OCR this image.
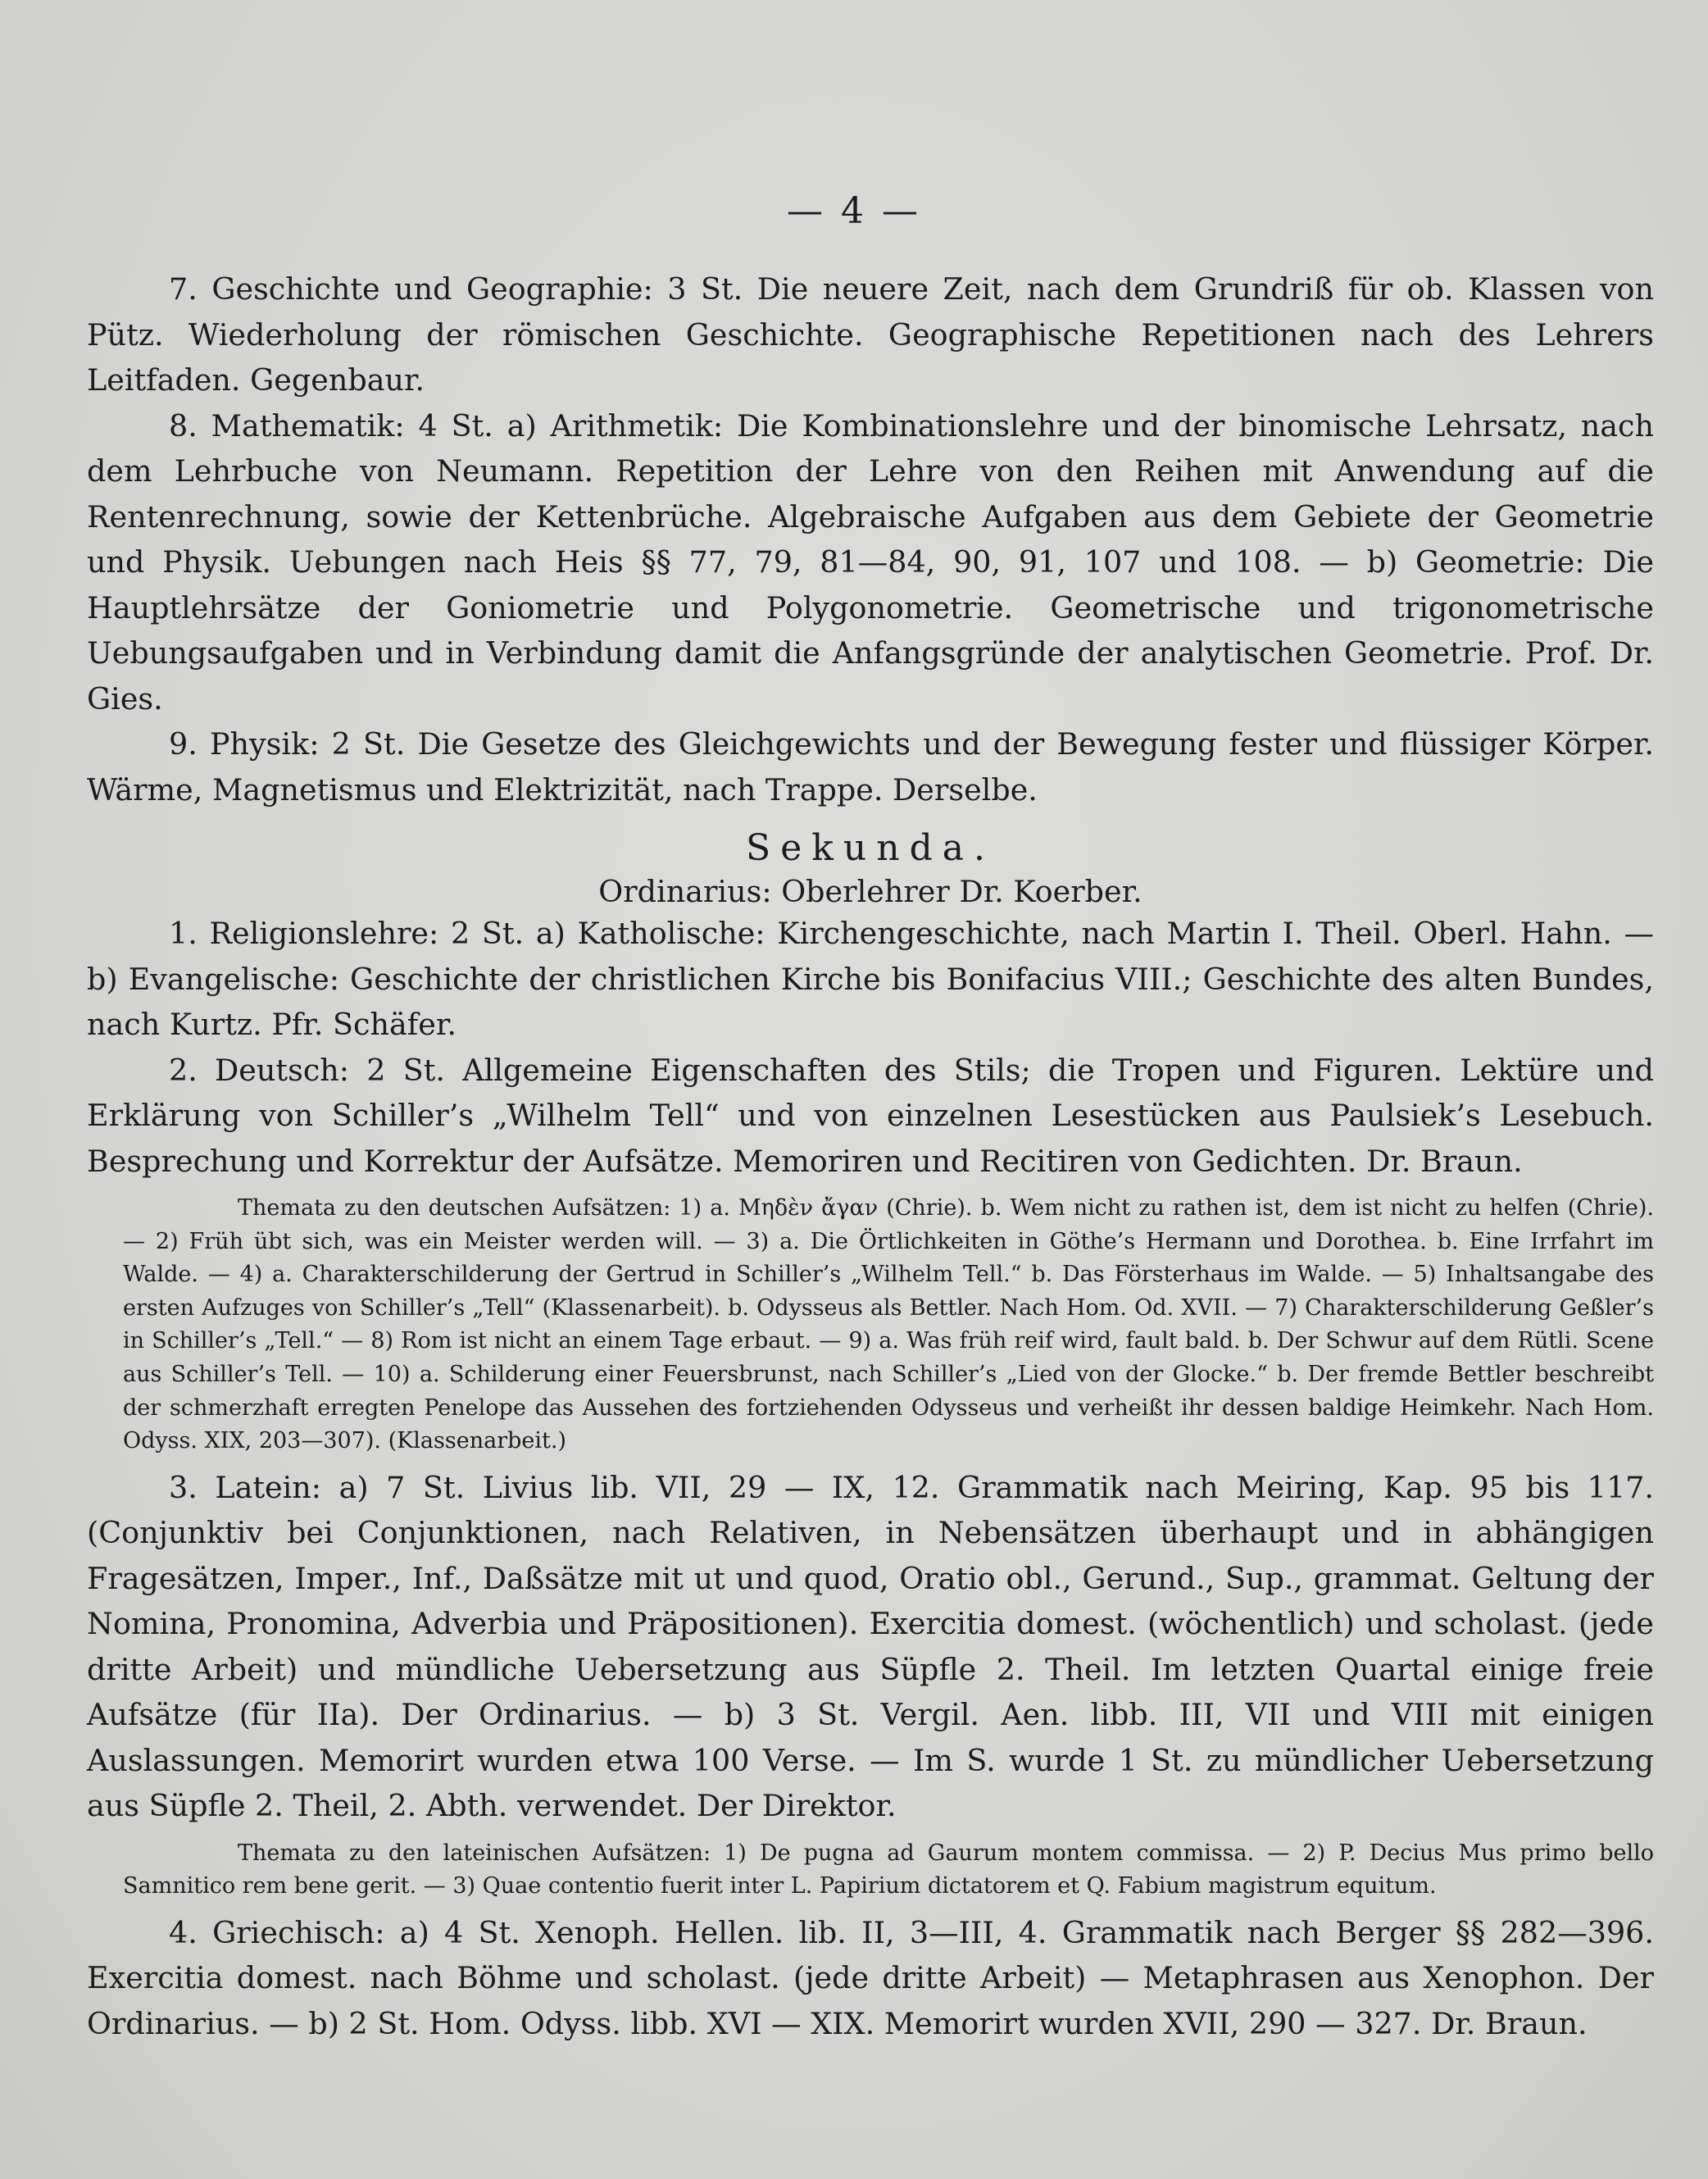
— 4 —

7. Geschichte und Geographie: 3 St. Die neuere Zeit, nach dem Grundriß für ob. Klassen von Pütz. Wiederholung der römischen Geschichte. Geographische Repetitionen nach des Lehrers Leitfaden. Gegenbaur.

8. Mathematik: 4 St. a) Arithmetik: Die Kombinationslehre und der binomische Lehrsatz, nach dem Lehrbuche von Neumann. Repetition der Lehre von den Reihen mit Anwendung auf die Rentenrechnung, sowie der Kettenbrüche. Algebraische Aufgaben aus dem Gebiete der Geometrie und Physik. Uebungen nach Heis §§ 77, 79, 81—84, 90, 91, 107 und 108. — b) Geometrie: Die Hauptlehrsätze der Goniometrie und Polygonometrie. Geometrische und trigonometrische Uebungsaufgaben und in Verbindung damit die Anfangsgründe der analytischen Geometrie. Prof. Dr. Gies.

9. Physik: 2 St. Die Gesetze des Gleichgewichts und der Bewegung fester und flüssiger Körper. Wärme, Magnetismus und Elektrizität, nach Trappe. Derselbe.

Sekunda.

Ordinarius: Oberlehrer Dr. Koerber.

1. Religionslehre: 2 St. a) Katholische: Kirchengeschichte, nach Martin I. Theil. Oberl. Hahn. — b) Evangelische: Geschichte der christlichen Kirche bis Bonifacius VIII.; Geschichte des alten Bundes, nach Kurtz. Pfr. Schäfer.

2. Deutsch: 2 St. Allgemeine Eigenschaften des Stils; die Tropen und Figuren. Lektüre und Erklärung von Schiller’s „Wilhelm Tell“ und von einzelnen Lesestücken aus Paulsiek’s Lesebuch. Besprechung und Korrektur der Aufsätze. Memoriren und Recitiren von Gedichten. Dr. Braun.

Themata zu den deutschen Aufsätzen: 1) a. Μηδὲν ἄγαν (Chrie). b. Wem nicht zu rathen ist, dem ist nicht zu helfen (Chrie). — 2) Früh übt sich, was ein Meister werden will. — 3) a. Die Örtlichkeiten in Göthe’s Hermann und Dorothea. b. Eine Irrfahrt im Walde. — 4) a. Charakterschilderung der Gertrud in Schiller’s „Wilhelm Tell.“ b. Das Försterhaus im Walde. — 5) Inhaltsangabe des ersten Aufzuges von Schiller’s „Tell“ (Klassenarbeit). b. Odysseus als Bettler. Nach Hom. Od. XVII. — 7) Charakterschilderung Geßler’s in Schiller’s „Tell.“ — 8) Rom ist nicht an einem Tage erbaut. — 9) a. Was früh reif wird, fault bald. b. Der Schwur auf dem Rütli. Scene aus Schiller’s Tell. — 10) a. Schilderung einer Feuersbrunst, nach Schiller’s „Lied von der Glocke.“ b. Der fremde Bettler beschreibt der schmerzhaft erregten Penelope das Aussehen des fortziehenden Odysseus und verheißt ihr dessen baldige Heimkehr. Nach Hom. Odyss. XIX, 203—307). (Klassenarbeit.)

3. Latein: a) 7 St. Livius lib. VII, 29 — IX, 12. Grammatik nach Meiring, Kap. 95 bis 117. (Conjunktiv bei Conjunktionen, nach Relativen, in Nebensätzen überhaupt und in abhängigen Fragesätzen, Imper., Inf., Daßsätze mit ut und quod, Oratio obl., Gerund., Sup., grammat. Geltung der Nomina, Pronomina, Adverbia und Präpositionen). Exercitia domest. (wöchentlich) und scholast. (jede dritte Arbeit) und mündliche Uebersetzung aus Süpfle 2. Theil. Im letzten Quartal einige freie Aufsätze (für IIa). Der Ordinarius. — b) 3 St. Vergil. Aen. libb. III, VII und VIII mit einigen Auslassungen. Memorirt wurden etwa 100 Verse. — Im S. wurde 1 St. zu mündlicher Uebersetzung aus Süpfle 2. Theil, 2. Abth. verwendet. Der Direktor.

Themata zu den lateinischen Aufsätzen: 1) De pugna ad Gaurum montem commissa. — 2) P. Decius Mus primo bello Samnitico rem bene gerit. — 3) Quae contentio fuerit inter L. Papirium dictatorem et Q. Fabium magistrum equitum.

4. Griechisch: a) 4 St. Xenoph. Hellen. lib. II, 3—III, 4. Grammatik nach Berger §§ 282—396. Exercitia domest. nach Böhme und scholast. (jede dritte Arbeit) — Metaphrasen aus Xenophon. Der Ordinarius. — b) 2 St. Hom. Odyss. libb. XVI — XIX. Memorirt wurden XVII, 290 — 327. Dr. Braun.
